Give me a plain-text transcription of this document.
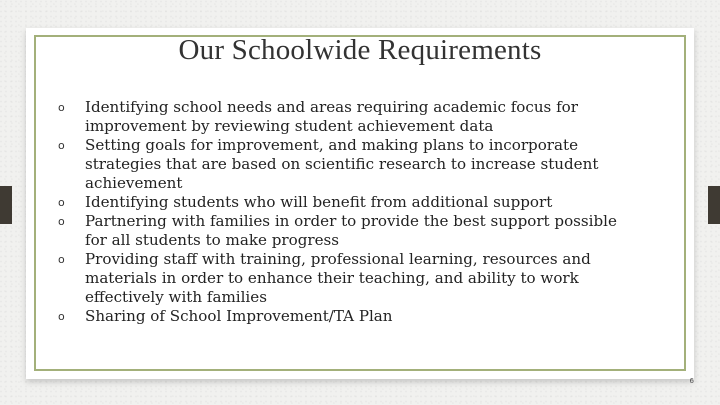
Our Schoolwide Requirements
o Identifying school needs and areas requiring academic focus for improvement by reviewing student achievement data
o Setting goals for improvement, and making plans to incorporate strategies that are based on scientific research to increase student achievement
o Identifying students who will benefit from additional support
o Partnering with families in order to provide the best support possible for all students to make progress
o Providing staff with training, professional learning, resources and materials in order to enhance their teaching, and ability to work effectively with families
o Sharing of School Improvement/TA Plan
6
